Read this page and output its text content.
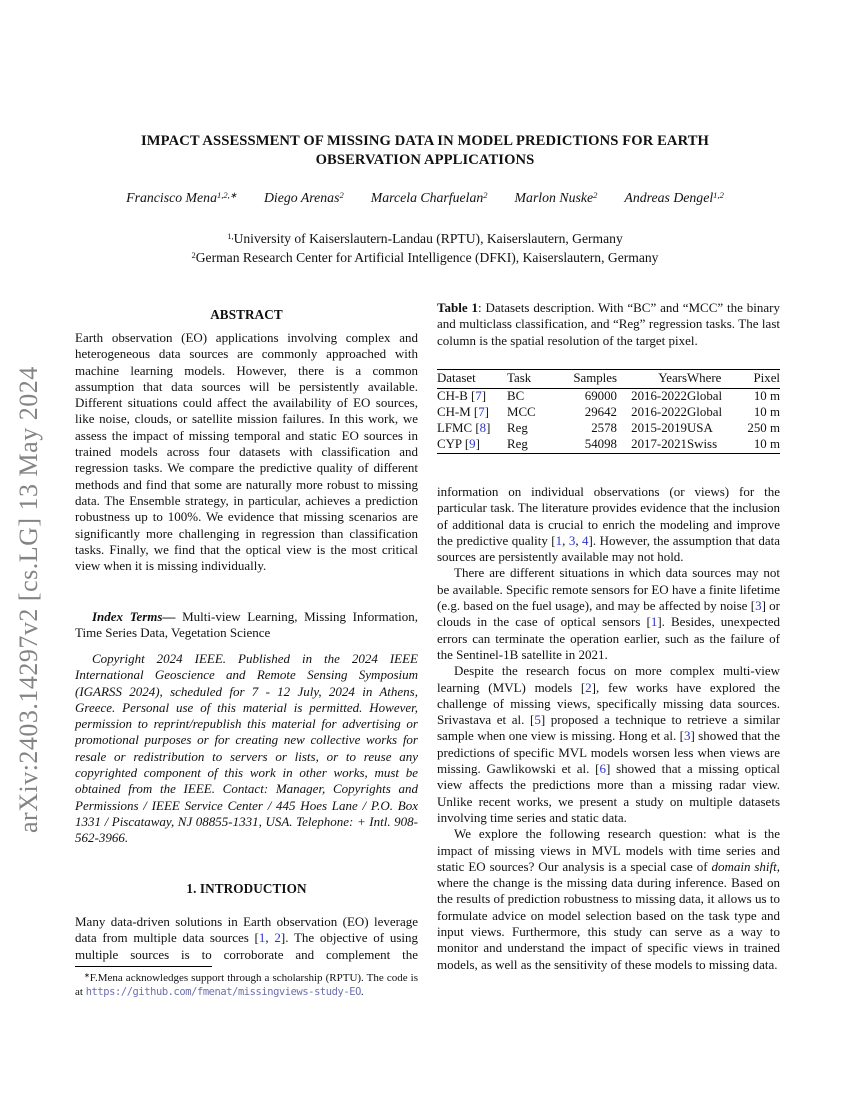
arXiv:2403.14297v2 [cs.LG] 13 May 2024
IMPACT ASSESSMENT OF MISSING DATA IN MODEL PREDICTIONS FOR EARTH
OBSERVATION APPLICATIONS
Francisco Mena$^{1,2,∗}$ Diego Arenas$^2$ Marcela Charfuelan$^2$ Marlon Nuske$^2$ Andreas Dengel$^{1,2}$
$^{1,}$University of Kaiserslautern-Landau (RPTU), Kaiserslautern, Germany
$^2$German Research Center for Artificial Intelligence (DFKI), Kaiserslautern, Germany
ABSTRACT

Earth observation (EO) applications involving complex and heterogeneous data sources are commonly approached with machine learning models. However, there is a common assumption that data sources will be persistently available. Different situations could affect the availability of EO sources, like noise, clouds, or satellite mission failures. In this work, we assess the impact of missing temporal and static EO sources in trained models across four datasets with classification and regression tasks. We compare the predictive quality of different methods and find that some are naturally more robust to missing data. The Ensemble strategy, in particular, achieves a prediction robustness up to 100%. We evidence that missing scenarios are significantly more challenging in regression than classification tasks. Finally, we find that the optical view is the most critical view when it is missing individually.

Index Terms— Multi-view Learning, Missing Information, Time Series Data, Vegetation Science

Copyright 2024 IEEE. Published in the 2024 IEEE International Geoscience and Remote Sensing Symposium (IGARSS 2024), scheduled for 7 - 12 July, 2024 in Athens, Greece. Personal use of this material is permitted. However, permission to reprint/republish this material for advertising or promotional purposes or for creating new collective works for resale or redistribution to servers or lists, or to reuse any copyrighted component of this work in other works, must be obtained from the IEEE. Contact: Manager, Copyrights and Permissions / IEEE Service Center / 445 Hoes Lane / P.O. Box 1331 / Piscataway, NJ 08855-1331, USA. Telephone: + Intl. 908-562-3966.

1. INTRODUCTION

Many data-driven solutions in Earth observation (EO) leverage data from multiple data sources [1, 2]. The objective of using multiple sources is to corroborate and complement the

∗F.Mena acknowledges support through a scholarship (RPTU). The code is at https://github.com/fmenat/missingviews-study-EO.

Table 1: Datasets description. With “BC” and “MCC” the binary and multiclass classification, and “Reg” regression tasks. The last column is the spatial resolution of the target pixel.

Dataset	Task	Samples	Years	Where	Pixel
CH-B [7]	BC	69000	2016-2022	Global	10 m
CH-M [7]	MCC	29642	2016-2022	Global	10 m
LFMC [8]	Reg	2578	2015-2019	USA	250 m
CYP [9]	Reg	54098	2017-2021	Swiss	10 m

information on individual observations (or views) for the particular task. The literature provides evidence that the inclusion of additional data is crucial to enrich the modeling and improve the predictive quality [1, 3, 4]. However, the assumption that data sources are persistently available may not hold.

There are different situations in which data sources may not be available. Specific remote sensors for EO have a finite lifetime (e.g. based on the fuel usage), and may be affected by noise [3] or clouds in the case of optical sensors [1]. Besides, unexpected errors can terminate the operation earlier, such as the failure of the Sentinel-1B satellite in 2021.

Despite the research focus on more complex multi-view learning (MVL) models [2], few works have explored the challenge of missing views, specifically missing data sources. Srivastava et al. [5] proposed a technique to retrieve a similar sample when one view is missing. Hong et al. [3] showed that the predictions of specific MVL models worsen less when views are missing. Gawlikowski et al. [6] showed that a missing optical view affects the predictions more than a missing radar view. Unlike recent works, we present a study on multiple datasets involving time series and static data.

We explore the following research question: what is the impact of missing views in MVL models with time series and static EO sources? Our analysis is a special case of domain shift, where the change is the missing data during inference. Based on the results of prediction robustness to missing data, it allows us to formulate advice on model selection based on the task type and input views. Furthermore, this study can serve as a way to monitor and understand the impact of specific views in trained models, as well as the sensitivity of these models to missing data.
